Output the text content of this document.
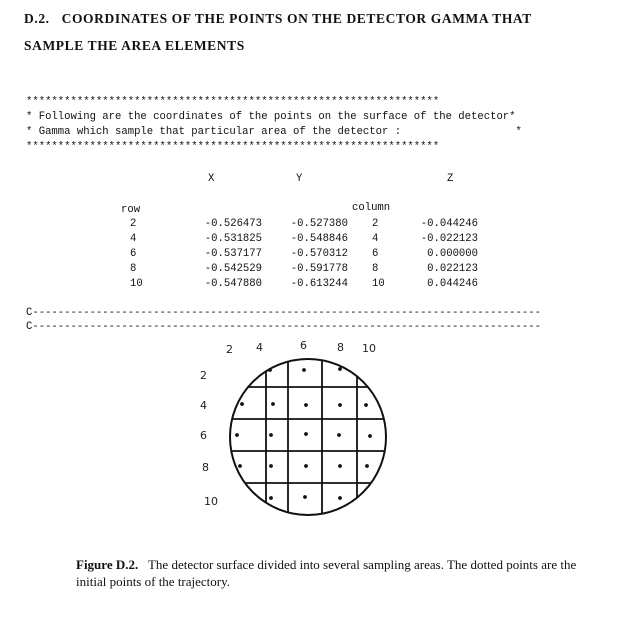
D.2. COORDINATES OF THE POINTS ON THE DETECTOR GAMMA THAT
SAMPLE THE AREA ELEMENTS
*****************************************************************
* Following are the coordinates of the points on the surface of the detector*
* Gamma which sample that particular area of the detector :                  *
*****************************************************************
X	Y	Z
row	column
2	-0.526473	-0.527380 2	-0.044246
4	-0.531825	-0.548846 4	-0.022123
6	-0.537177	-0.570312 6	0.000000
8	-0.542529	-0.591778 8	0.022123
10	-0.547880	-0.613244 10	0.044246
C--------------------------------------------------------------------------------
C--------------------------------------------------------------------------------
2 4	6	8 10
2
4
6
8
10
Figure D.2. The detector surface divided into several sampling areas. The dotted points are the initial points of the trajectory.
